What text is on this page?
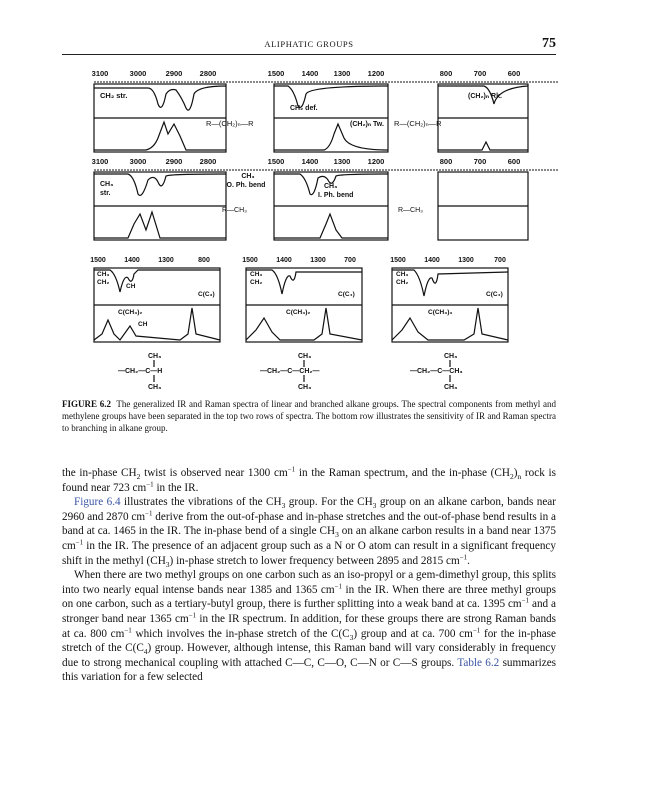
ALIPHATIC GROUPS	75
3100	3000	2900 2800	1500 1400 1300 1200	800	700	600
CH₂ str.
CH₂ def.
(CH₂)ₙ Rk.
R—(CH₂)ₙ—R	R—(CH₂)ₙ—R
(CH₂)ₙ Tw.
3100	3000	2900 2800	1500 1400 1300 1200	800	700	600
CH₃
str.
CH₃
O. Ph. bend	CH₃
I. Ph. bend
R—CH₃	R—CH₃
1500	1400	1300	800	1500	1400	1300	700	1500	1400	1300	700
CH₃
CH₂
CH
C(C₃)
C(CH₃)₂
CH
CH₃
CH₂
C(C₄)
C(CH₃)₂
CH₃
CH₂
C(C₄)
C(CH₃)₃
CH₃
—CH₂—C—H
CH₃
CH₃
—CH₂—C—CH₂—
CH₃
CH₃
—CH₂—C—CH₃
CH₃
FIGURE 6.2 The generalized IR and Raman spectra of linear and branched alkane groups. The spectral components from methyl and methylene groups have been separated in the top two rows of spectra. The bottom row illustrates the sensitivity of IR and Raman spectra to branching in alkane group.

the in-phase $CH_2$ twist is observed near 1300 $cm^{-1}$ in the Raman spectrum, and the in-phase $(CH_2)_n$ rock is found near 723 $cm^{-1}$ in the IR.

Figure 6.4 illustrates the vibrations of the $CH_3$ group. For the $CH_3$ group on an alkane carbon, bands near 2960 and 2870 $cm^{-1}$ derive from the out-of-phase and in-phase stretches and the out-of-phase bend results in a band at ca. 1465 in the IR. The in-phase bend of a single $CH_3$ on an alkane carbon results in a band near 1375 $cm^{-1}$ in the IR. The presence of an adjacent group such as a N or O atom can result in a significant frequency shift in the methyl $(CH_3)$ in-phase stretch to lower frequency between 2895 and 2815 $cm^{-1}$.

When there are two methyl groups on one carbon such as an iso-propyl or a gem-dimethyl group, this splits into two nearly equal intense bands near 1385 and 1365 $cm^{-1}$ in the IR. When there are three methyl groups on one carbon, such as a tertiary-butyl group, there is further splitting into a weak band at ca. 1395 $cm^{-1}$ and a stronger band near 1365 $cm^{-1}$ in the IR spectrum. In addition, for these groups there are strong Raman bands at ca. 800 $cm^{-1}$ which involves the in-phase stretch of the $C(C_3)$ group and at ca. 700 $cm^{-1}$ for the in-phase stretch of the $C(C_4)$ group. However, although intense, this Raman band will vary considerably in frequency due to strong mechanical coupling with attached C—C, C—O, C—N or C—S groups. Table 6.2 summarizes this variation for a few selected
